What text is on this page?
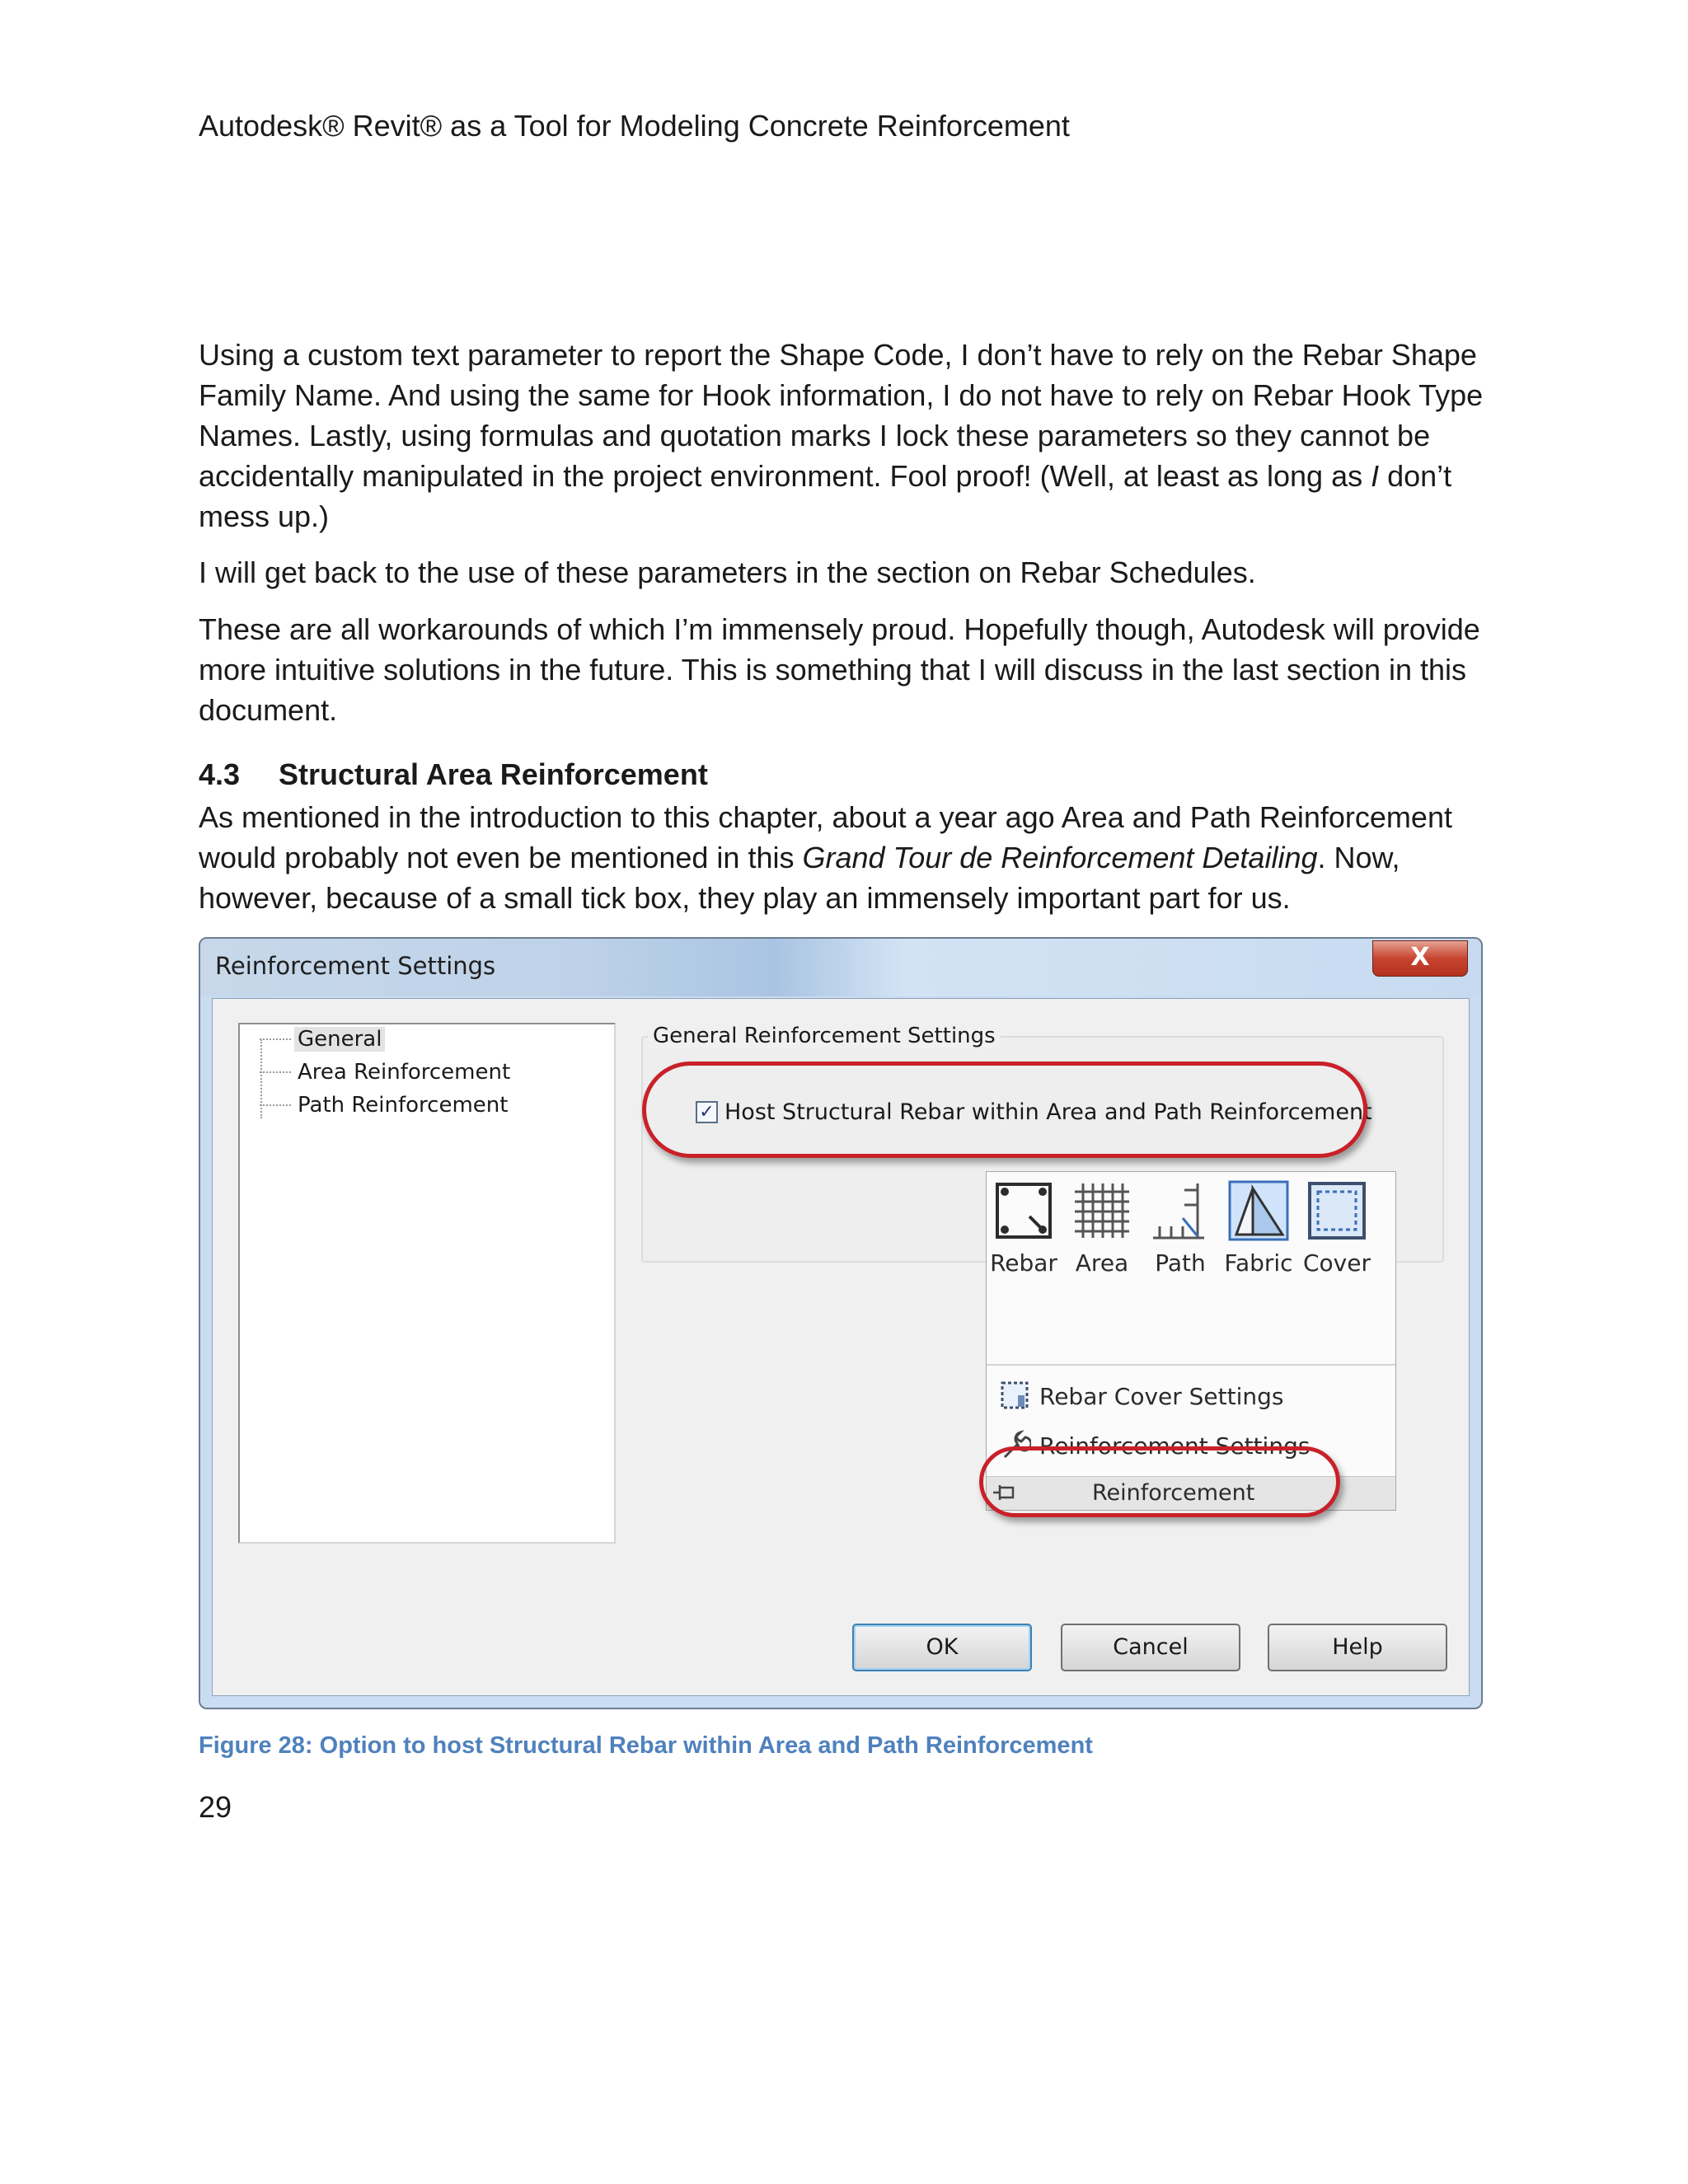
Autodesk® Revit® as a Tool for Modeling Concrete Reinforcement

Using a custom text parameter to report the Shape Code, I don’t have to rely on the Rebar Shape Family Name. And using the same for Hook information, I do not have to rely on Rebar Hook Type Names. Lastly, using formulas and quotation marks I lock these parameters so they cannot be accidentally manipulated in the project environment. Fool proof! (Well, at least as long as I don’t mess up.)

I will get back to the use of these parameters in the section on Rebar Schedules.

These are all workarounds of which I’m immensely proud. Hopefully though, Autodesk will provide more intuitive solutions in the future. This is something that I will discuss in the last section in this document.

4.3 Structural Area Reinforcement

As mentioned in the introduction to this chapter, about a year ago Area and Path Reinforcement would probably not even be mentioned in this Grand Tour de Reinforcement Detailing. Now, however, because of a small tick box, they play an immensely important part for us.

Reinforcement Settings	X
General
Area Reinforcement
Path Reinforcement
General Reinforcement Settings
✓ Host Structural Rebar within Area and Path Reinforcement
Rebar Area	Path Fabric Cover
Rebar Cover Settings
Reinforcement Settings
Reinforcement
OK	Cancel	Help
Figure 28: Option to host Structural Rebar within Area and Path Reinforcement
29
